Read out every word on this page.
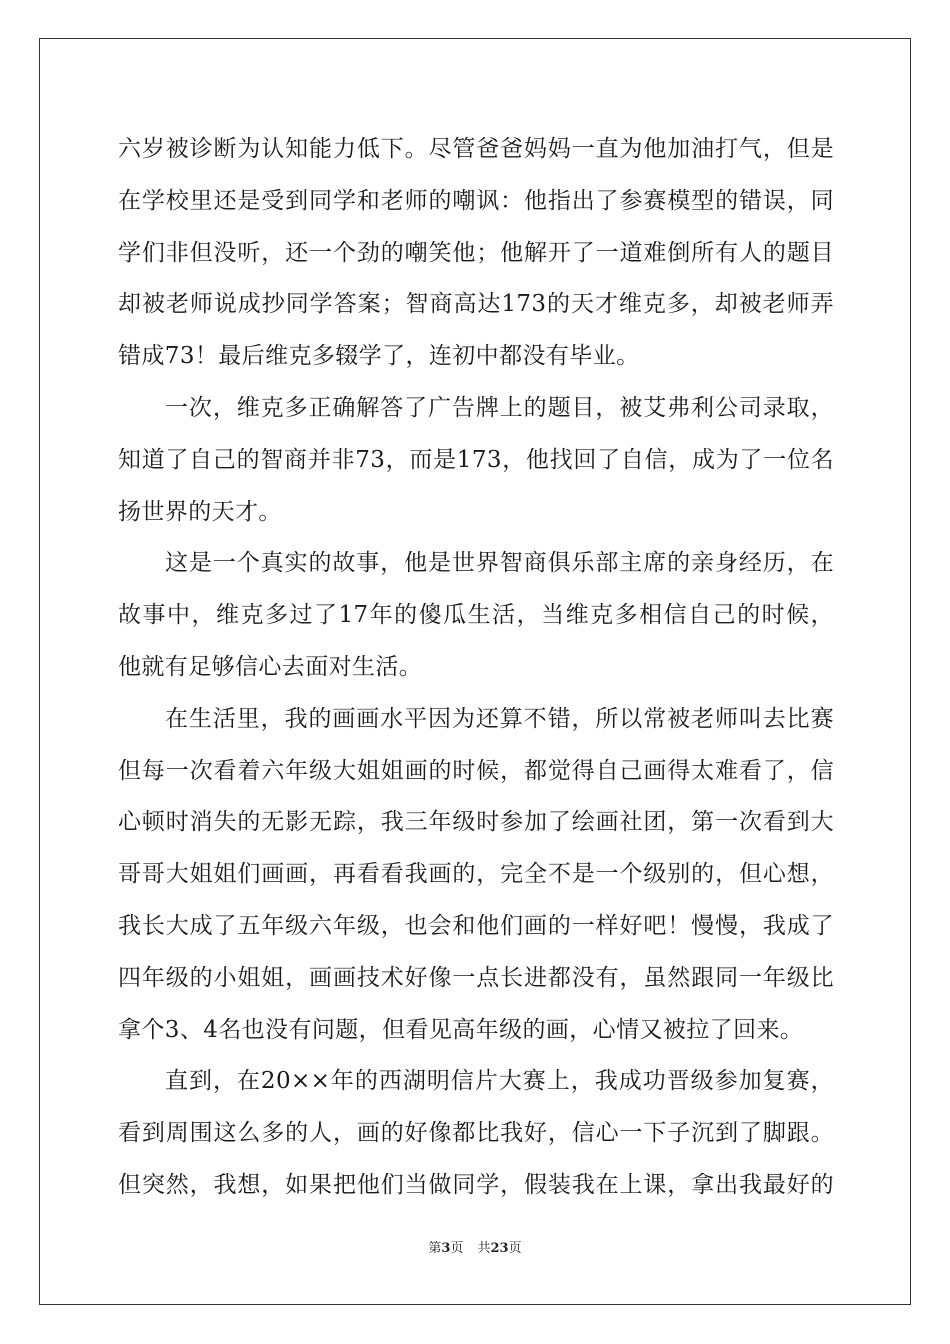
六岁被诊断为认知能力低下。尽管爸爸妈妈一直为他加油打气，但是
在学校里还是受到同学和老师的嘲讽：他指出了参赛模型的错误，同
学们非但没听，还一个劲的嘲笑他；他解开了一道难倒所有人的题目
却被老师说成抄同学答案；智商高达173的天才维克多，却被老师弄
错成73！最后维克多辍学了，连初中都没有毕业。
一次，维克多正确解答了广告牌上的题目，被艾弗利公司录取，
知道了自己的智商并非73，而是173，他找回了自信，成为了一位名
扬世界的天才。
这是一个真实的故事，他是世界智商俱乐部主席的亲身经历，在
故事中，维克多过了17年的傻瓜生活，当维克多相信自己的时候，
他就有足够信心去面对生活。
在生活里，我的画画水平因为还算不错，所以常被老师叫去比赛
但每一次看着六年级大姐姐画的时候，都觉得自己画得太难看了，信
心顿时消失的无影无踪，我三年级时参加了绘画社团，第一次看到大
哥哥大姐姐们画画，再看看我画的，完全不是一个级别的，但心想，
我长大成了五年级六年级，也会和他们画的一样好吧！慢慢，我成了
四年级的小姐姐，画画技术好像一点长进都没有，虽然跟同一年级比
拿个3、4名也没有问题，但看见高年级的画，心情又被拉了回来。
直到，在20××年的西湖明信片大赛上，我成功晋级参加复赛，
看到周围这么多的人，画的好像都比我好，信心一下子沉到了脚跟。
但突然，我想，如果把他们当做同学，假装我在上课，拿出我最好的
第3页 共23页
